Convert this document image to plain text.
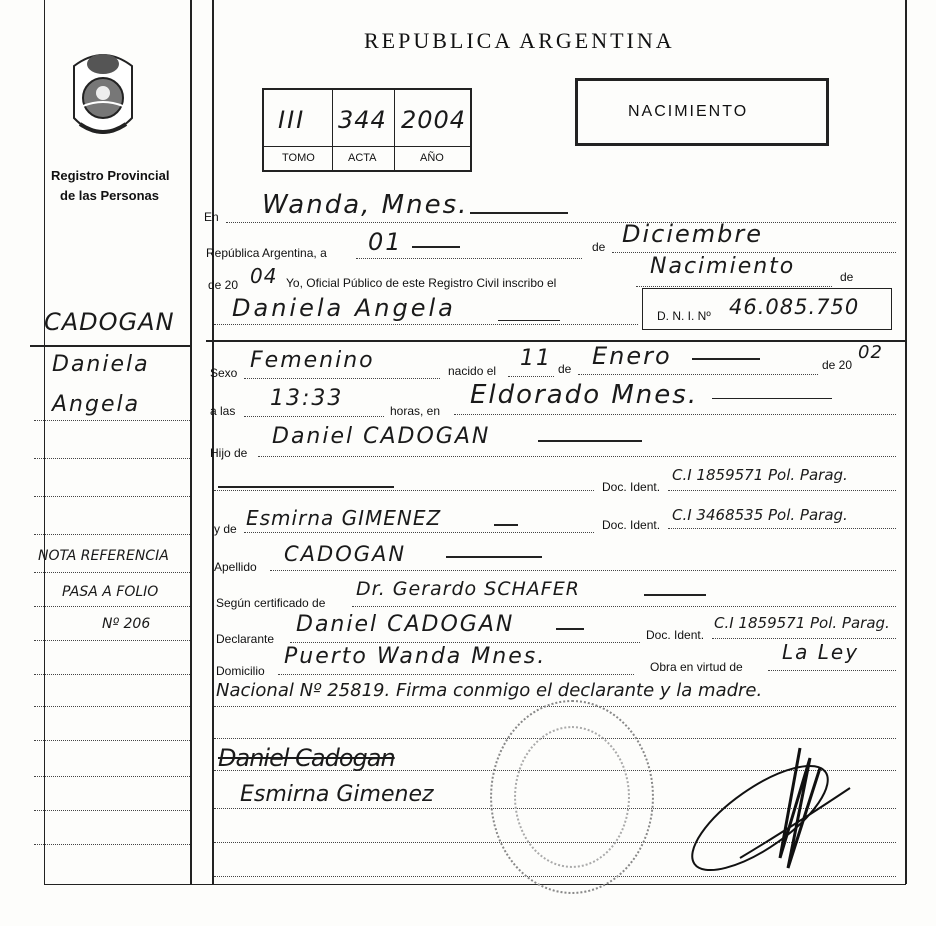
Registro Provincial
de las Personas
REPUBLICA ARGENTINA
III 344 2004
TOMO	ACTA	AÑO
NACIMIENTO
CADOGAN
Daniela
Angela
NOTA REFERENCIA
PASA A FOLIO
Nº 206
En Wanda, Mnes.
República Argentina, a 01	de Diciembre
de 20 04 Yo, Oficial Público de este Registro Civil inscribo el
Nacimiento	de
Daniela Angela	D. N. I. Nº 46.085.750
Sexo Femenino	nacido el 11 de Enero	de 20
02
a las 13:33	horas, en
Eldorado Mnes.
Hijo de
Daniel CADOGAN
Doc. Ident.
C.I 1859571 Pol. Parag.
y de Esmirna GIMENEZ	Doc. Ident.
C.I 3468535 Pol. Parag.
Apellido
CADOGAN
Según certificado de
Dr. Gerardo SCHAFER
Declarante
Daniel CADOGAN	Doc. Ident.
C.I 1859571 Pol. Parag.
Domicilio
Puerto Wanda Mnes.	Obra en virtud de
La Ley
Nacional Nº 25819. Firma conmigo el declarante y la madre.
Daniel Cadogan
Esmirna Gimenez
